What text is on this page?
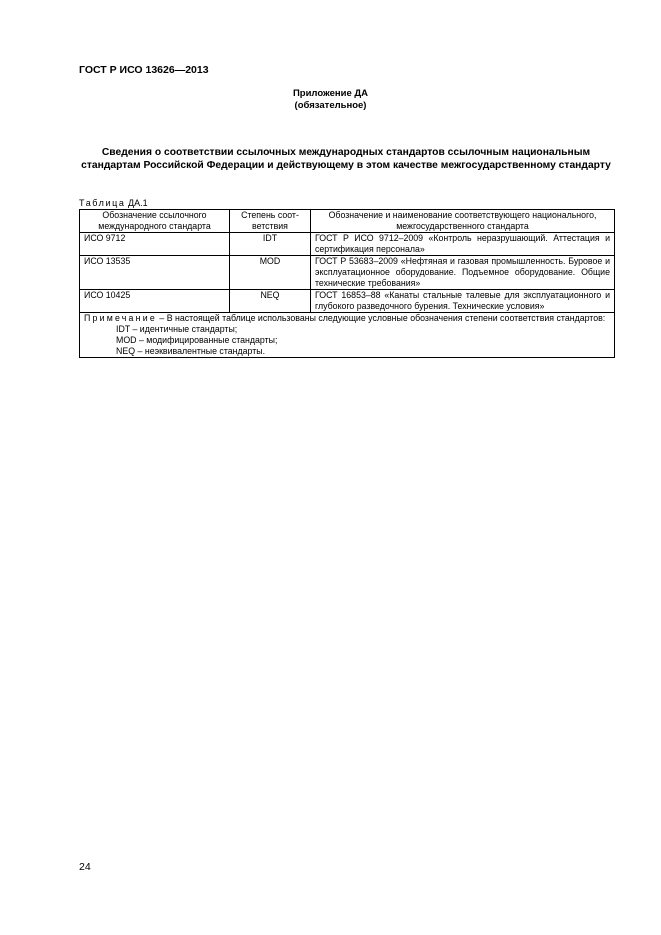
ГОСТ Р ИСО 13626—2013
Приложение ДА
(обязательное)
Сведения о соответствии ссылочных международных стандартов ссылочным национальным стандартам Российской Федерации и действующему в этом качестве межгосударственному стандарту
Таблица ДА.1
Обозначение ссылочного международного стандарта	Степень соответствия	Обозначение и наименование соответствующего национального, межгосударственного стандарта
ИСО 9712	IDT	ГОСТ Р ИСО 9712–2009 «Контроль неразрушающий. Аттестация и сертификация персонала»
ИСО 13535	MOD	ГОСТ Р 53683–2009 «Нефтяная и газовая промышленность. Буровое и эксплуатационное оборудование. Подъемное оборудование. Общие технические требования»
ИСО 10425	NEQ	ГОСТ 16853–88 «Канаты стальные талевые для эксплуатационного и глубокого разведочного бурения. Технические условия»

Примечание – В настоящей таблице использованы следующие условные обозначения степени соответствия стандартов:
IDT – идентичные стандарты;
MOD – модифицированные стандарты;
NEQ – неэквивалентные стандарты.		
24
